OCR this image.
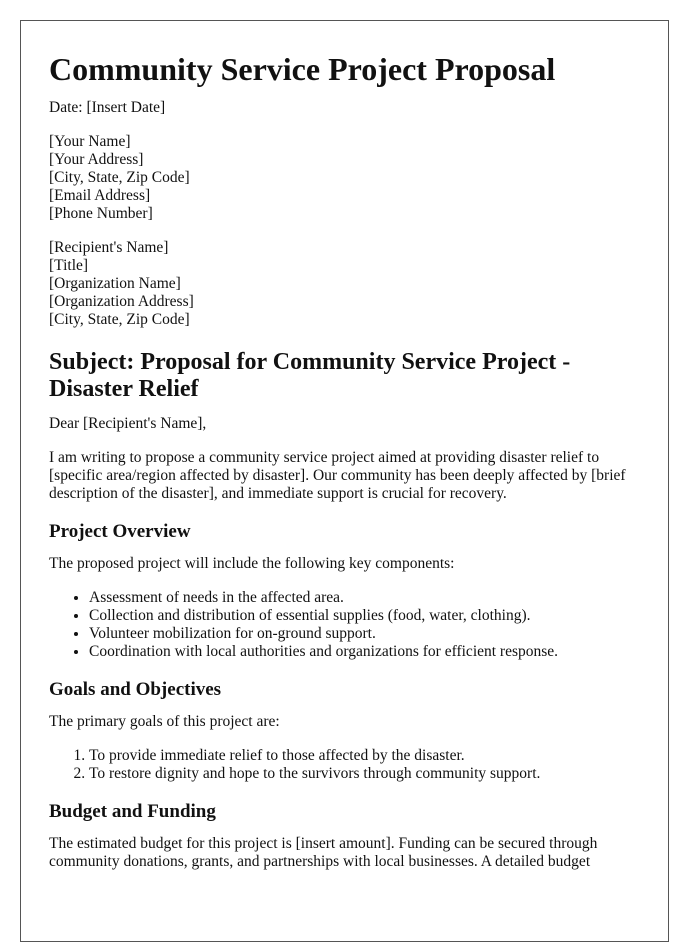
Community Service Project Proposal

Date: [Insert Date]

[Your Name]
[Your Address]
[City, State, Zip Code]
[Email Address]
[Phone Number]
[Recipient's Name]
[Title]
[Organization Name]
[Organization Address]
[City, State, Zip Code]
Subject: Proposal for Community Service Project - Disaster Relief

Dear [Recipient's Name],

I am writing to propose a community service project aimed at providing disaster relief to [specific area/region affected by disaster]. Our community has been deeply affected by [brief description of the disaster], and immediate support is crucial for recovery.

Project Overview

The proposed project will include the following key components:

• Assessment of needs in the affected area.
• Collection and distribution of essential supplies (food, water, clothing).
• Volunteer mobilization for on-ground support.
• Coordination with local authorities and organizations for efficient response.
Goals and Objectives

The primary goals of this project are:

1. To provide immediate relief to those affected by the disaster.
2. To restore dignity and hope to the survivors through community support.
Budget and Funding

The estimated budget for this project is [insert amount]. Funding can be secured through community donations, grants, and partnerships with local businesses. A detailed budget
